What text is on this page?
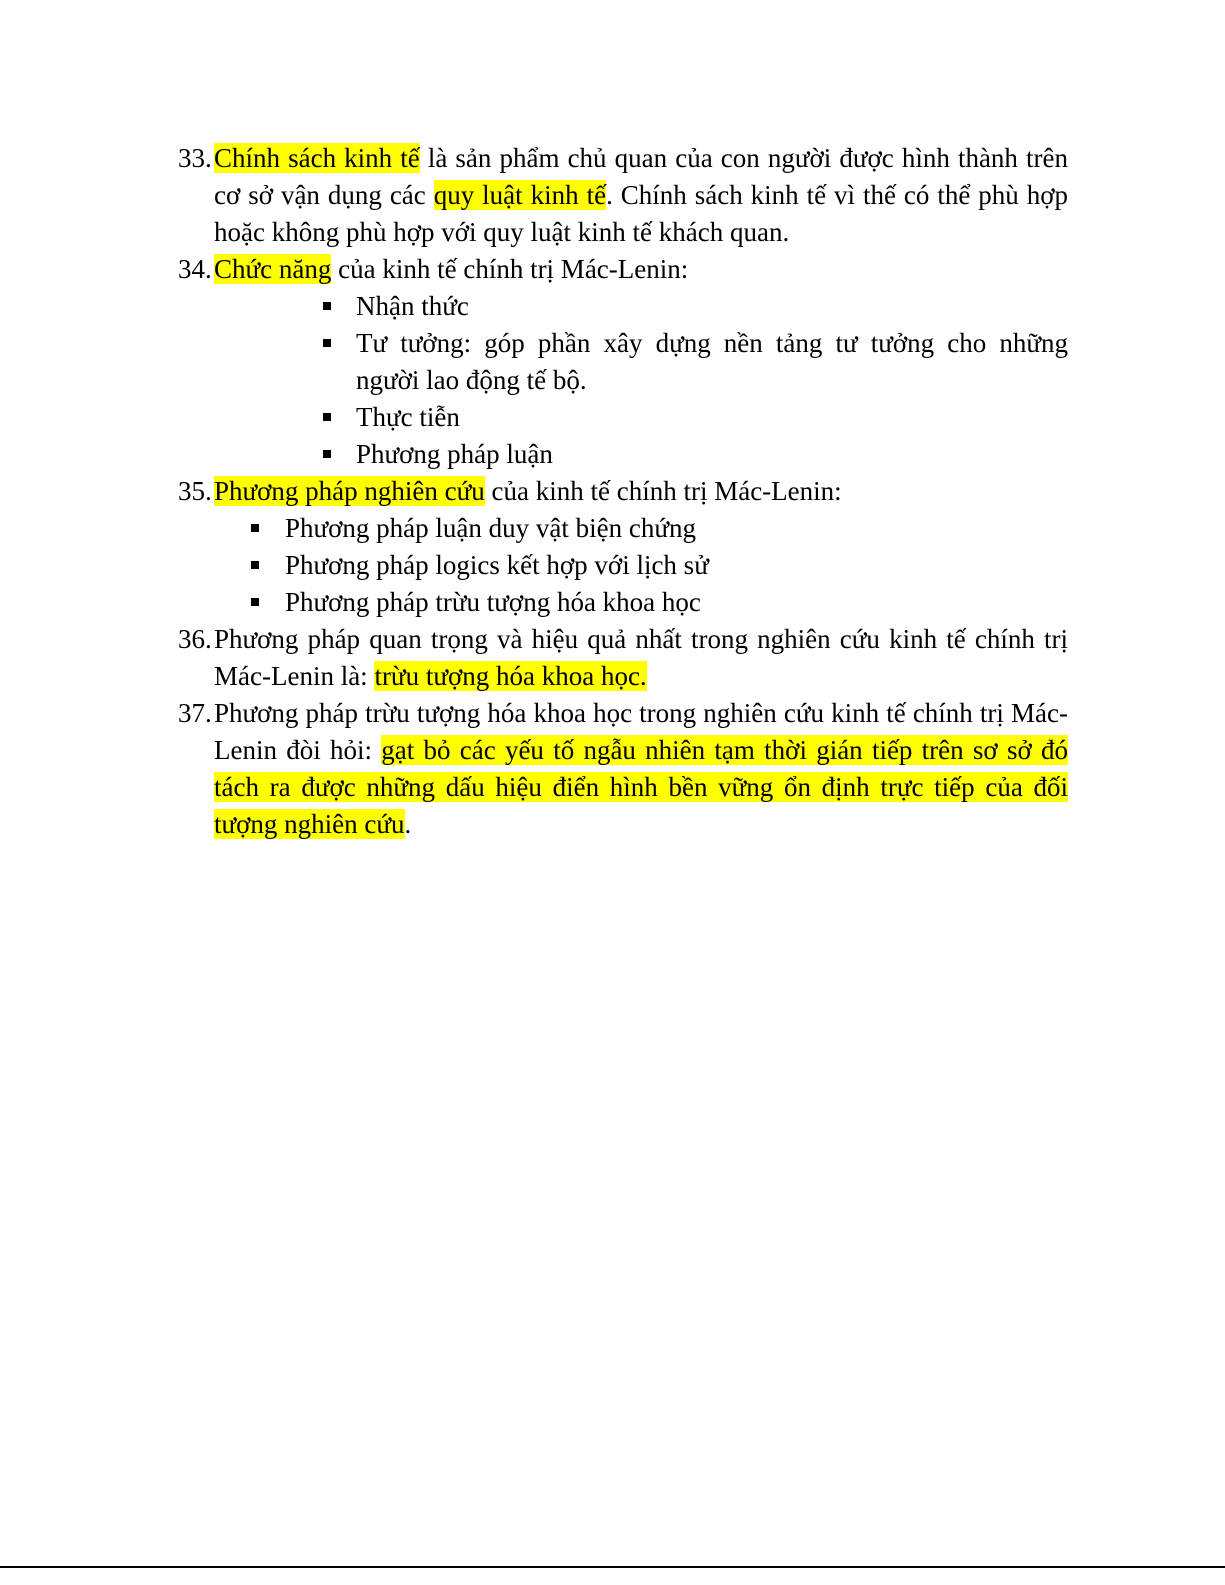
33. Chính sách kinh tế là sản phẩm chủ quan của con người được hình thành trên cơ sở vận dụng các quy luật kinh tế. Chính sách kinh tế vì thế có thể phù hợp hoặc không phù hợp với quy luật kinh tế khách quan.
34. Chức năng của kinh tế chính trị Mác-Lenin:
Nhận thức
Tư tưởng: góp phần xây dựng nền tảng tư tưởng cho những người lao động tế bộ.
Thực tiễn
Phương pháp luận
35. Phương pháp nghiên cứu của kinh tế chính trị Mác-Lenin:
Phương pháp luận duy vật biện chứng
Phương pháp logics kết hợp với lịch sử
Phương pháp trừu tượng hóa khoa học
36. Phương pháp quan trọng và hiệu quả nhất trong nghiên cứu kinh tế chính trị Mác-Lenin là: trừu tượng hóa khoa học.
37. Phương pháp trừu tượng hóa khoa học trong nghiên cứu kinh tế chính trị Mác-Lenin đòi hỏi: gạt bỏ các yếu tố ngẫu nhiên tạm thời gián tiếp trên sơ sở đó tách ra được những dấu hiệu điển hình bền vững ổn định trực tiếp của đối tượng nghiên cứu.
